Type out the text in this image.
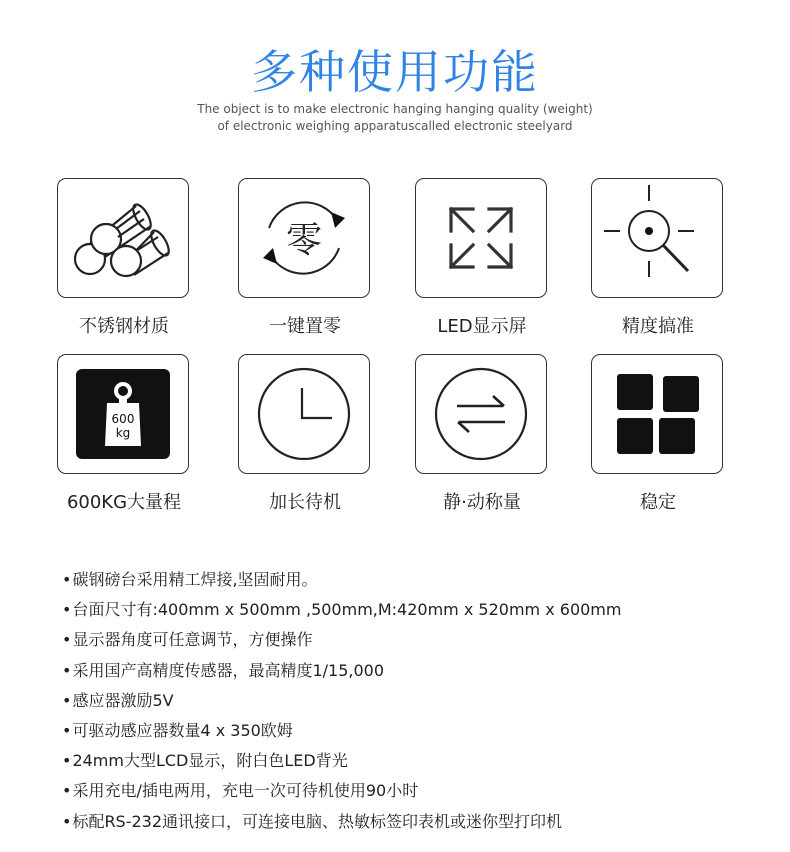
多种使用功能
The object is to make electronic hanging hanging quality (weight)
of electronic weighing apparatuscalled electronic steelyard
不锈钢材质
零
一键置零	LED显示屏	精度搞准
600
kg
600KG大量程	加长待机	静·动称量	稳定
• 碳钢磅台采用精工焊接,坚固耐用。
• 台面尺寸有:400mm x 500mm ,500mm,M:420mm x 520mm x 600mm
• 显示器角度可任意调节，方便操作
• 采用国产高精度传感器，最高精度1/15,000
• 感应器激励5V
• 可驱动感应器数量4 x 350欧姆
• 24mm大型LCD显示，附白色LED背光
• 采用充电/插电两用，充电一次可待机使用90小时
• 标配RS-232通讯接口，可连接电脑、热敏标签印表机或迷你型打印机
